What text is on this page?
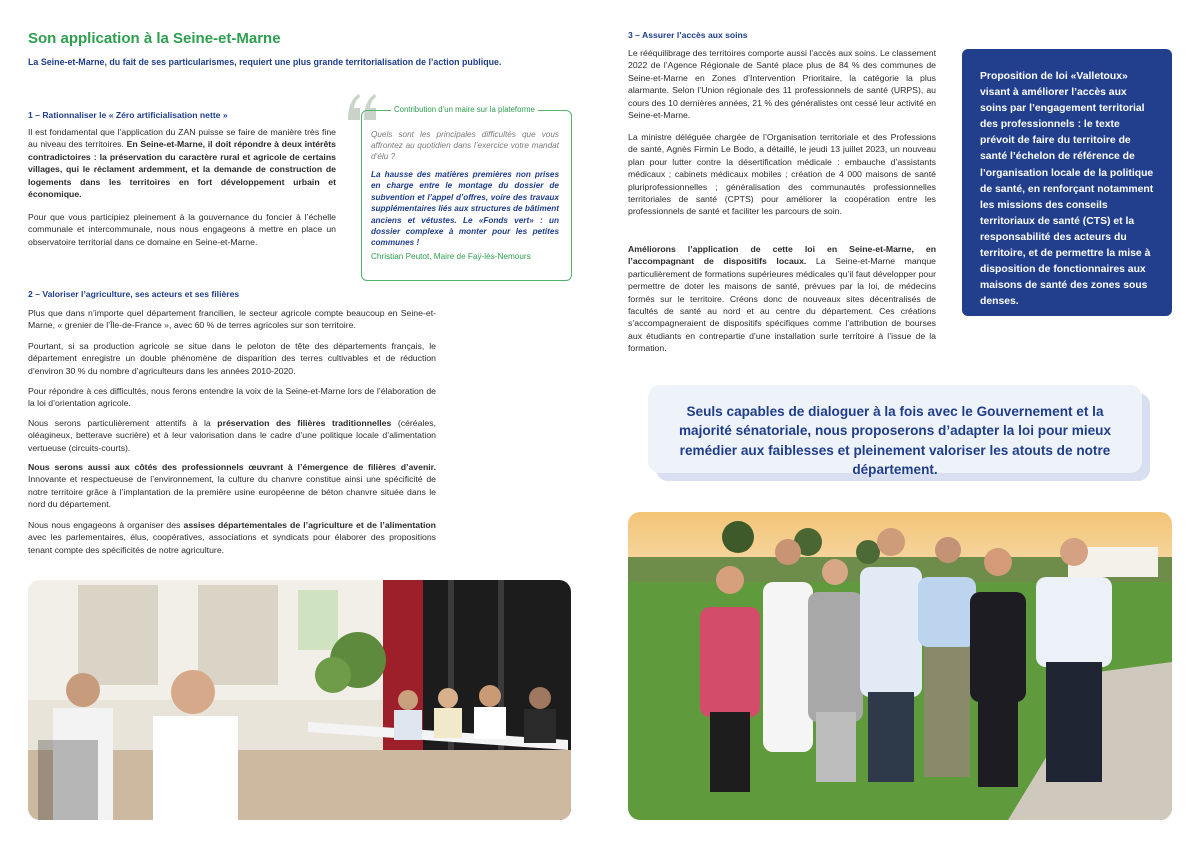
Son application à la Seine-et-Marne
La Seine-et-Marne, du fait de ses particularismes, requiert une plus grande territorialisation de l’action publique.
1 – Rationnaliser le « Zéro artificialisation nette »

Il est fondamental que l’application du ZAN puisse se faire de manière très fine au niveau des territoires. En Seine-et-Marne, il doit répondre à deux intérêts contradictoires : la préservation du caractère rural et agricole de certains villages, qui le réclament ardemment, et la demande de construction de logements dans les territoires en fort développement urbain et économique.

Pour que vous participiez pleinement à la gouvernance du foncier à l’échelle communale et intercommunale, nous nous engageons à mettre en place un observatoire territorial dans ce domaine en Seine-et-Marne.

Contribution d’un maire sur la plateforme
Quels sont les principales difficultés que vous affrontez au quotidien dans l’exercice votre mandat d’élu ?
La hausse des matières premières non prises en charge entre le montage du dossier de subvention et l’appel d’offres, voire des travaux supplémentaires liés aux structures de bâtiment anciens et vétustes. Le «Fonds vert» : un dossier complexe à monter pour les petites communes !
Christian Peutot, Maire de Faÿ-lès-Nemours
2 – Valoriser l’agriculture, ses acteurs et ses filières

Plus que dans n’importe quel département francilien, le secteur agricole compte beaucoup en Seine-et-Marne, « grenier de l’Île-de-France », avec 60 % de terres agricoles sur son territoire.

Pourtant, si sa production agricole se situe dans le peloton de tête des départements français, le département enregistre un double phénomène de disparition des terres cultivables et de réduction d’environ 30 % du nombre d’agriculteurs dans les années 2010-2020.

Pour répondre à ces difficultés, nous ferons entendre la voix de la Seine-et-Marne lors de l’élaboration de la loi d’orientation agricole.

Nous serons particulièrement attentifs à la préservation des filières traditionnelles (céréales, oléagineux, betterave sucrière) et à leur valorisation dans le cadre d’une politique locale d’alimentation vertueuse (circuits-courts).

Nous serons aussi aux côtés des professionnels œuvrant à l’émergence de filières d’avenir. Innovante et respectueuse de l’environnement, la culture du chanvre constitue ainsi une spécificité de notre territoire grâce à l’implantation de la première usine européenne de béton chanvre située dans le nord du département.

Nous nous engageons à organiser des assises départementales de l’agriculture et de l’alimentation avec les parlementaires, élus, coopératives, associations et syndicats pour élaborer des propositions tenant compte des spécificités de notre agriculture.

3 – Assurer l’accès aux soins

Le rééquilibrage des territoires comporte aussi l’accès aux soins. Le classement 2022 de l’Agence Régionale de Santé place plus de 84 % des communes de Seine-et-Marne en Zones d’Intervention Prioritaire, la catégorie la plus alarmante. Selon l’Union régionale des 11 professionnels de santé (URPS), au cours des 10 dernières années, 21 % des généralistes ont cessé leur activité en Seine-et-Marne.

La ministre déléguée chargée de l’Organisation territoriale et des Professions de santé, Agnès Firmin Le Bodo, a détaillé, le jeudi 13 juillet 2023, un nouveau plan pour lutter contre la désertification médicale : embauche d’assistants médicaux ; cabinets médicaux mobiles ; création de 4 000 maisons de santé pluriprofessionnelles ; généralisation des communautés professionnelles territoriales de santé (CPTS) pour améliorer la coopération entre les professionnels de santé et faciliter les parcours de soin.

Améliorons l’application de cette loi en Seine-et-Marne, en l’accompagnant de dispositifs locaux. La Seine-et-Marne manque particulièrement de formations supérieures médicales qu’il faut développer pour permettre de doter les maisons de santé, prévues par la loi, de médecins formés sur le territoire. Créons donc de nouveaux sites décentralisés de facultés de santé au nord et au centre du département. Ces créations s’accompagneraient de dispositifs spécifiques comme l’attribution de bourses aux étudiants en contrepartie d’une installation surle territoire à l’issue de la formation.

Proposition de loi «Valletoux» visant à améliorer l’accès aux soins par l’engagement territorial des professionnels : le texte prévoit de faire du territoire de santé l’échelon de référence de l’organisation locale de la politique de santé, en renforçant notamment les missions des conseils territoriaux de santé (CTS) et la responsabilité des acteurs du territoire, et de permettre la mise à disposition de fonctionnaires aux maisons de santé des zones sous denses.
Seuls capables de dialoguer à la fois avec le Gouvernement et la majorité sénatoriale, nous proposerons d’adapter la loi pour mieux remédier aux faiblesses et pleinement valoriser les atouts de notre département.
